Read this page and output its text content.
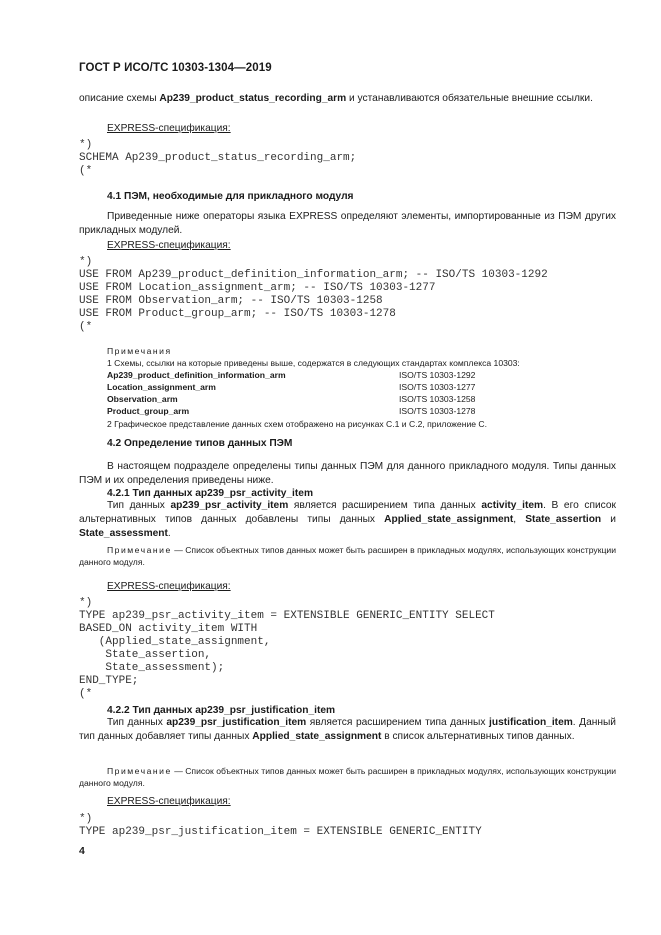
ГОСТ Р ИСО/ТС 10303-1304—2019

описание схемы Ap239_product_status_recording_arm и устанавливаются обязательные внешние ссылки.

EXPRESS-спецификация:
*)
SCHEMA Ap239_product_status_recording_arm;
(*
4.1 ПЭМ, необходимые для прикладного модуля

Приведенные ниже операторы языка EXPRESS определяют элементы, импортированные из ПЭМ других прикладных модулей.

EXPRESS-спецификация:
*)
USE FROM Ap239_product_definition_information_arm; -- ISO/TS 10303-1292
USE FROM Location_assignment_arm; -- ISO/TS 10303-1277
USE FROM Observation_arm; -- ISO/TS 10303-1258
USE FROM Product_group_arm; -- ISO/TS 10303-1278
(*
Примечания
1 Схемы, ссылки на которые приведены выше, содержатся в следующих стандартах комплекса 10303:
Ap239_product_definition_information_arm	ISO/TS 10303-1292
Location_assignment_arm	ISO/TS 10303-1277
Observation_arm	ISO/TS 10303-1258
Product_group_arm	ISO/TS 10303-1278
2 Графическое представление данных схем отображено на рисунках C.1 и C.2, приложение С.
4.2 Определение типов данных ПЭМ

В настоящем подразделе определены типы данных ПЭМ для данного прикладного модуля. Типы данных ПЭМ и их определения приведены ниже.

4.2.1 Тип данных ap239_psr_activity_item

Тип данных ap239_psr_activity_item является расширением типа данных activity_item. В его список альтернативных типов данных добавлены типы данных Applied_state_assignment, State_assertion и State_assessment.

Примечание — Список объектных типов данных может быть расширен в прикладных модулях, использующих конструкции данного модуля.

EXPRESS-спецификация:
*)
TYPE ap239_psr_activity_item = EXTENSIBLE GENERIC_ENTITY SELECT
BASED_ON activity_item WITH
(Applied_state_assignment,
State_assertion,
State_assessment);
END_TYPE;
(*
4.2.2 Тип данных ap239_psr_justification_item

Тип данных ap239_psr_justification_item является расширением типа данных justification_item. Данный тип данных добавляет типы данных Applied_state_assignment в список альтернативных типов данных.

Примечание — Список объектных типов данных может быть расширен в прикладных модулях, использующих конструкции данного модуля.

EXPRESS-спецификация:
*)
TYPE ap239_psr_justification_item = EXTENSIBLE GENERIC_ENTITY
4
